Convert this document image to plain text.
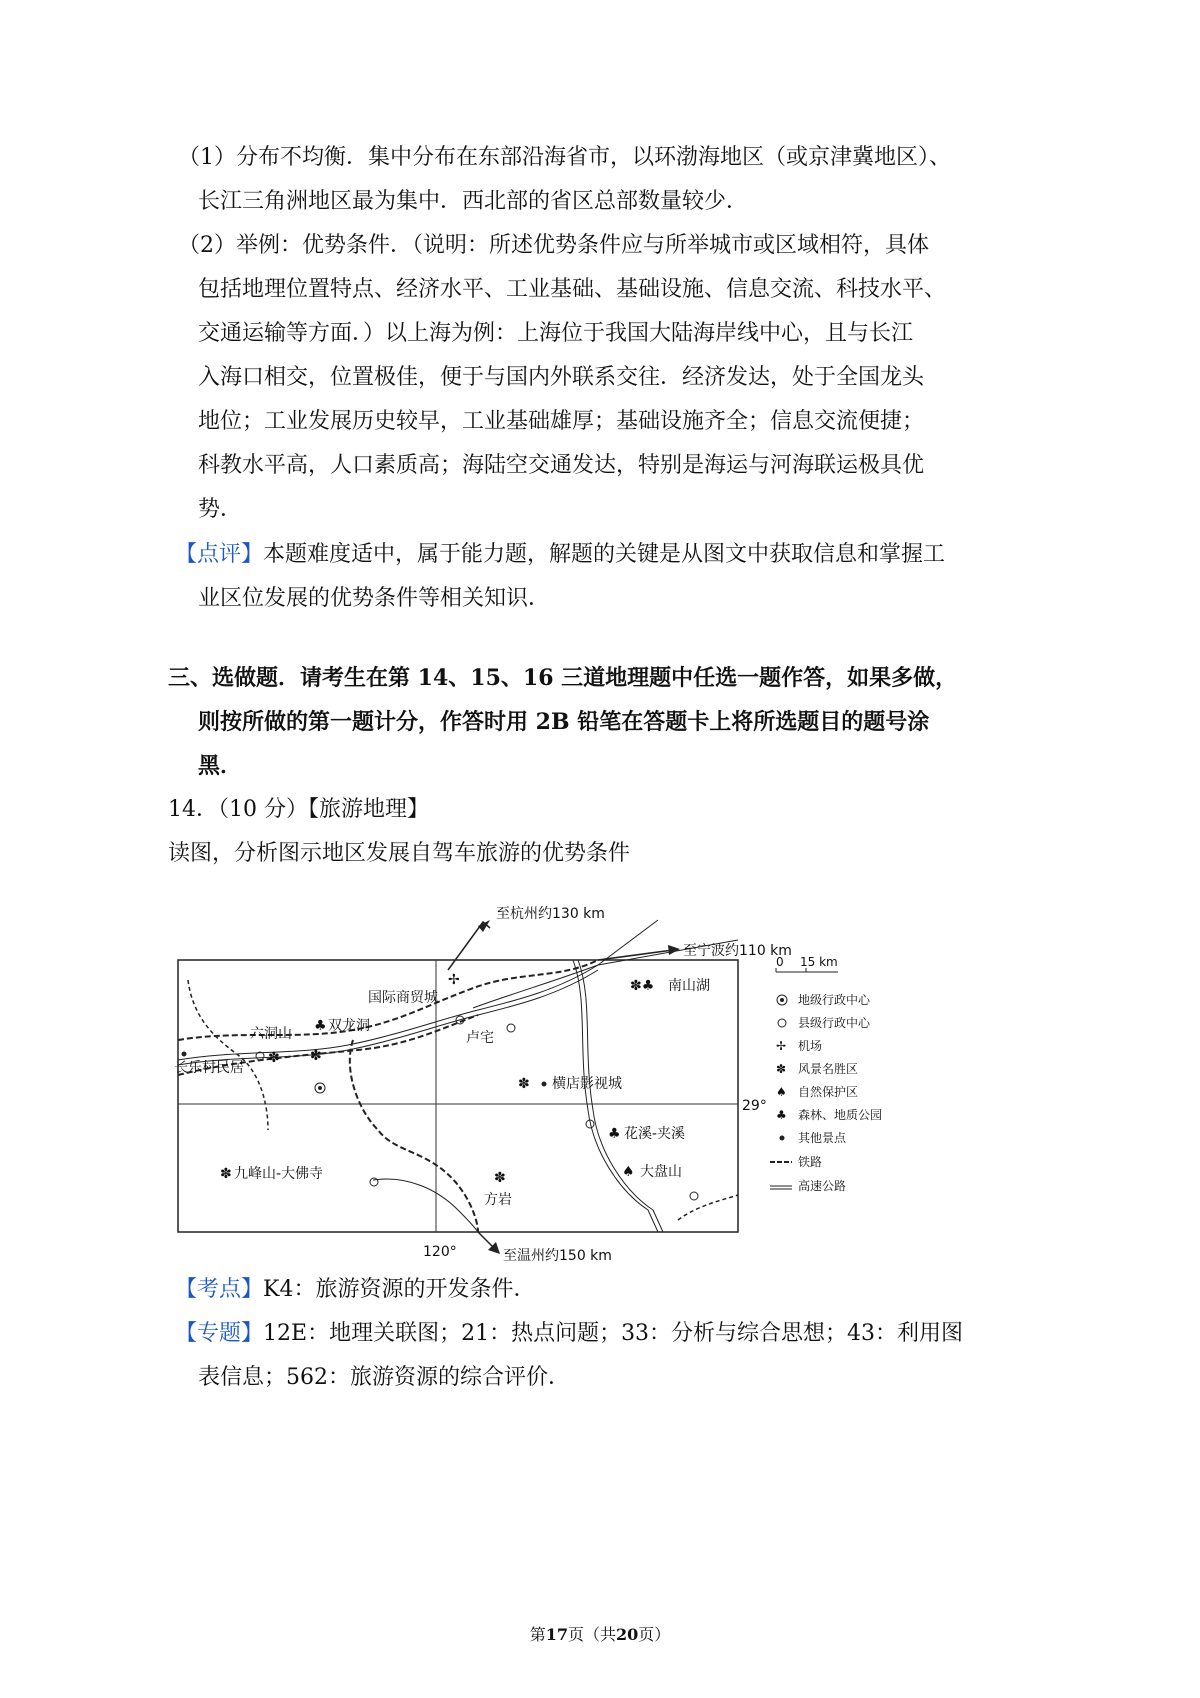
（1）分布不均衡．集中分布在东部沿海省市，以环渤海地区（或京津冀地区）、
长江三角洲地区最为集中．西北部的省区总部数量较少．
（2）举例：优势条件．（说明：所述优势条件应与所举城市或区域相符，具体
包括地理位置特点、经济水平、工业基础、基础设施、信息交流、科技水平、
交通运输等方面．）以上海为例：上海位于我国大陆海岸线中心，且与长江
入海口相交，位置极佳，便于与国内外联系交往．经济发达，处于全国龙头
地位；工业发展历史较早，工业基础雄厚；基础设施齐全；信息交流便捷；
科教水平高，人口素质高；海陆空交通发达，特别是海运与河海联运极具优
势．
【点评】本题难度适中，属于能力题，解题的关键是从图文中获取信息和掌握工
业区位发展的优势条件等相关知识．
三、选做题．请考生在第 14、15、16 三道地理题中任选一题作答，如果多做，
则按所做的第一题计分，作答时用 2B 铅笔在答题卡上将所选题目的题号涂
黑．
14．（10 分）【旅游地理】
读图，分析图示地区发展自驾车旅游的优势条件
至杭州约130 km
至宁波约110 km
至温州约150 km
120°
29°
✽♣ 南山湖
✢
国际商贸城
♣ 双龙洞
六洞山
✽ ✽
长乐村民居
卢宅
✽ 横店影视城
♣ 花溪-夹溪
✽ 九峰山-大佛寺	✽
方岩
♠ 大盘山
0 15 km
地级行政中心
县级行政中心
✢ 机场
✽ 风景名胜区
♠ 自然保护区
♣ 森林、地质公园
其他景点
铁路
高速公路
【考点】K4：旅游资源的开发条件．
【专题】12E：地理关联图；21：热点问题；33：分析与综合思想；43：利用图
表信息；562：旅游资源的综合评价．
第17页（共20页）
